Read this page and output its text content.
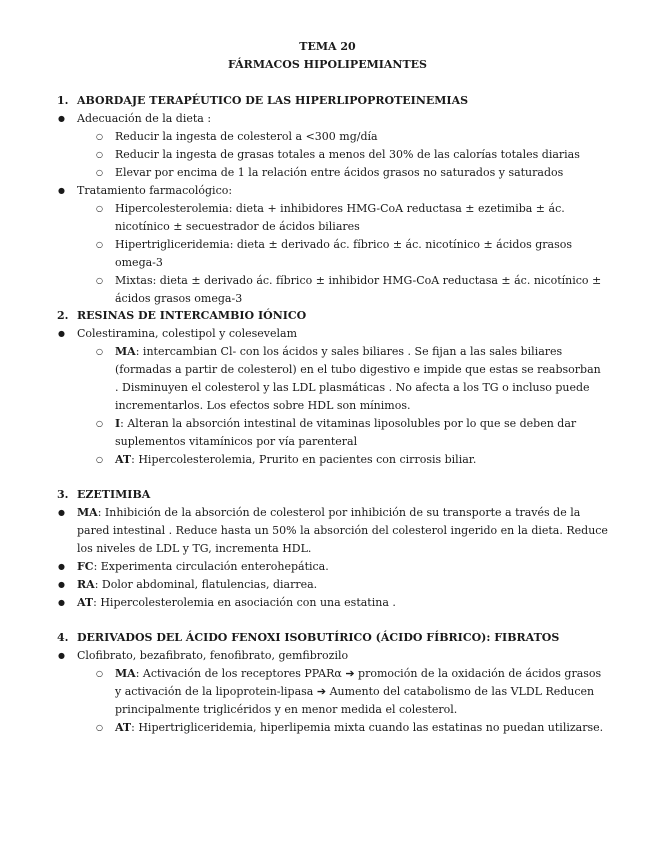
TEMA 20
FÁRMACOS HIPOLIPEMIANTES
1. ABORDAJE TERAPÉUTICO DE LAS HIPERLIPOPROTEINEMIAS
● Adecuación de la dieta :
○ Reducir la ingesta de colesterol a <300 mg/día
○ Reducir la ingesta de grasas totales a menos del 30% de las calorías totales diarias
○ Elevar por encima de 1 la relación entre ácidos grasos no saturados y saturados
● Tratamiento farmacológico:
○ Hipercolesterolemia: dieta + inhibidores HMG-CoA reductasa ± ezetimiba ± ác. nicotínico ± secuestrador de ácidos biliares
○ Hipertrigliceridemia: dieta ± derivado ác. fíbrico ± ác. nicotínico ± ácidos grasos omega-3
○ Mixtas: dieta ± derivado ác. fíbrico ± inhibidor HMG-CoA reductasa ± ác. nicotínico ± ácidos grasos omega-3
2. RESINAS DE INTERCAMBIO IÓNICO
● Colestiramina, colestipol y colesevelam
○ MA: intercambian Cl- con los ácidos y sales biliares . Se fijan a las sales biliares (formadas a partir de colesterol) en el tubo digestivo e impide que estas se reabsorban . Disminuyen el colesterol y las LDL plasmáticas . No afecta a los TG o incluso puede incrementarlos. Los efectos sobre HDL son mínimos.
○ I: Alteran la absorción intestinal de vitaminas liposolubles por lo que se deben dar suplementos vitamínicos por vía parenteral
○ AT: Hipercolesterolemia, Prurito en pacientes con cirrosis biliar.
3. EZETIMIBA
● MA: Inhibición de la absorción de colesterol por inhibición de su transporte a través de la pared intestinal . Reduce hasta un 50% la absorción del colesterol ingerido en la dieta. Reduce los niveles de LDL y TG, incrementa HDL.
● FC: Experimenta circulación enterohepática.
● RA: Dolor abdominal, flatulencias, diarrea.
● AT: Hipercolesterolemia en asociación con una estatina .
4. DERIVADOS DEL ÁCIDO FENOXI ISOBUTÍRICO (ÁCIDO FÍBRICO): FIBRATOS
● Clofibrato, bezafibrato, fenofibrato, gemfibrozilo
○ MA: Activación de los receptores PPARα ➔ promoción de la oxidación de ácidos grasos y activación de la lipoprotein-lipasa ➔ Aumento del catabolismo de las VLDL Reducen principalmente triglicéridos y en menor medida el colesterol.
○ AT: Hipertrigliceridemia, hiperlipemia mixta cuando las estatinas no puedan utilizarse.
